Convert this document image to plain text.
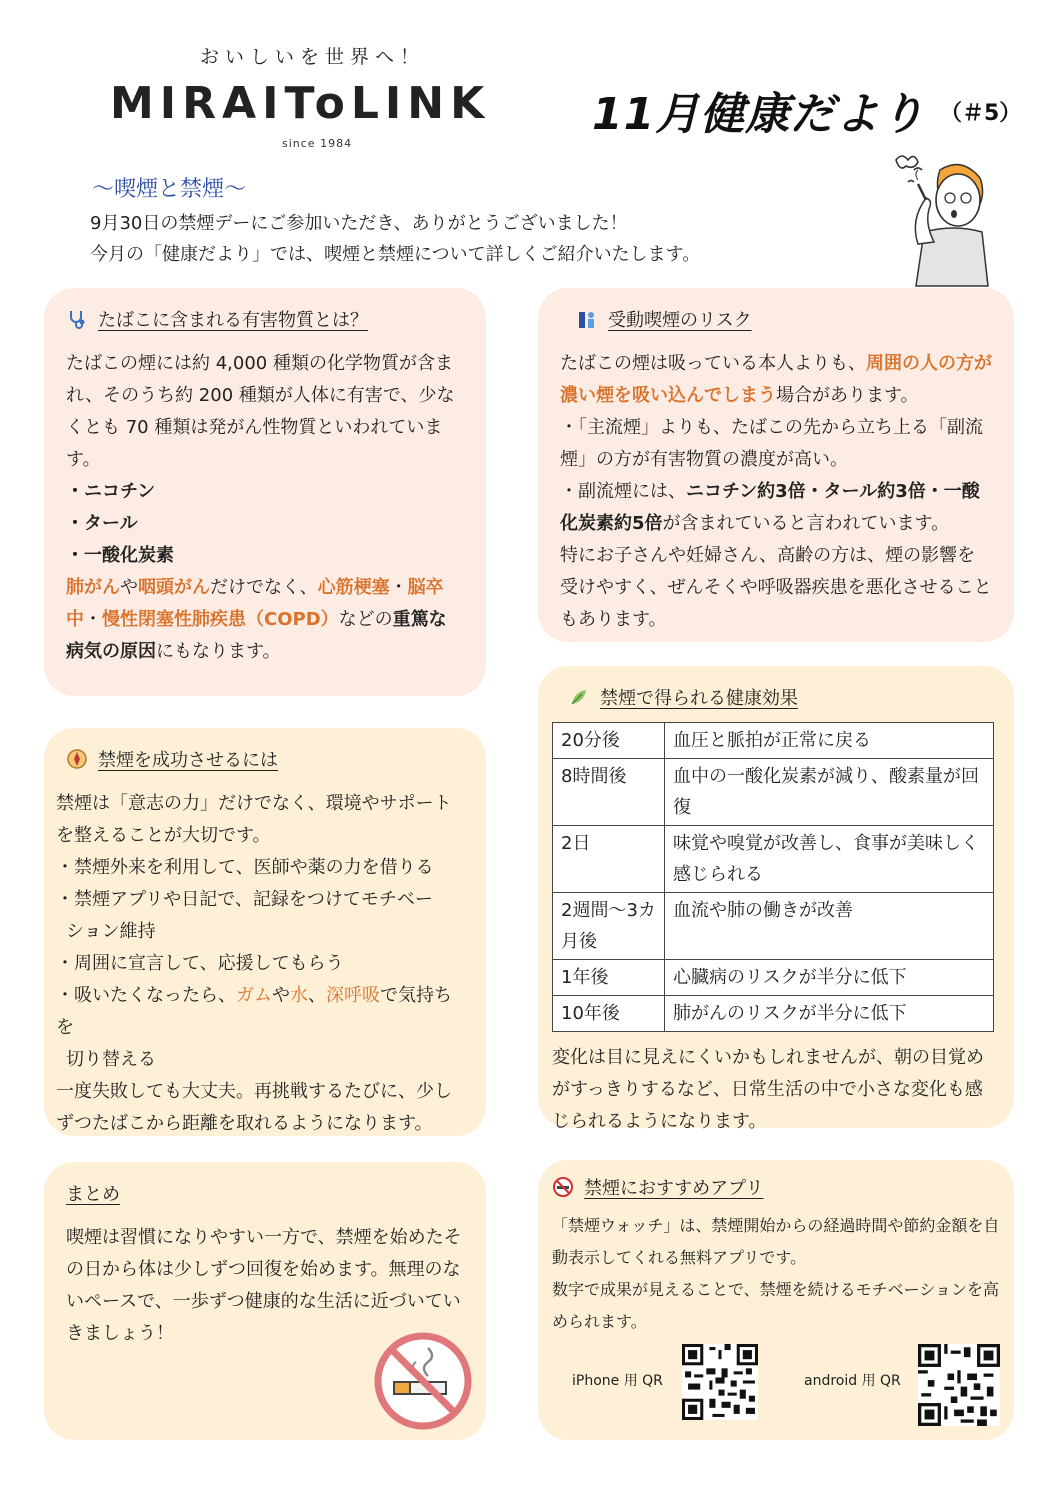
おいしいを世界へ！
MIRAIToLINK
since 1984
11月健康だより （＃5）
～喫煙と禁煙～
9月30日の禁煙デーにご参加いただき、ありがとうございました！
今月の「健康だより」では、喫煙と禁煙について詳しくご紹介いたします。
たばこに含まれる有害物質とは？
たばこの煙には約 4,000 種類の化学物質が含まれ、そのうち約 200 種類が人体に有害で、少なくとも 70 種類は発がん性物質といわれています。
・ニコチン
・タール
・一酸化炭素
肺がんや咽頭がんだけでなく、心筋梗塞・脳卒中・慢性閉塞性肺疾患（COPD）などの重篤な病気の原因にもなります。
受動喫煙のリスク
たばこの煙は吸っている本人よりも、周囲の人の方が濃い煙を吸い込んでしまう場合があります。
・「主流煙」よりも、たばこの先から立ち上る「副流煙」の方が有害物質の濃度が高い。
・副流煙には、ニコチン約3倍・タール約3倍・一酸化炭素約5倍が含まれていると言われています。
特にお子さんや妊婦さん、高齢の方は、煙の影響を受けやすく、ぜんそくや呼吸器疾患を悪化させることもあります。
禁煙を成功させるには
禁煙は「意志の力」だけでなく、環境やサポートを整えることが大切です。
・禁煙外来を利用して、医師や薬の力を借りる
・禁煙アプリや日記で、記録をつけてモチベー
ション維持
・周囲に宣言して、応援してもらう
・吸いたくなったら、ガムや水、深呼吸で気持ちを
切り替える
一度失敗しても大丈夫。再挑戦するたびに、少しずつたばこから距離を取れるようになります。
禁煙で得られる健康効果
20分後	血圧と脈拍が正常に戻る
8時間後	血中の一酸化炭素が減り、酸素量が回復
2日	味覚や嗅覚が改善し、食事が美味しく感じられる
2週間～3カ月後	血流や肺の働きが改善
1年後	心臓病のリスクが半分に低下
10年後	肺がんのリスクが半分に低下
変化は目に見えにくいかもしれませんが、朝の目覚めがすっきりするなど、日常生活の中で小さな変化も感じられるようになります。
まとめ
喫煙は習慣になりやすい一方で、禁煙を始めたその日から体は少しずつ回復を始めます。無理のないペースで、一歩ずつ健康的な生活に近づいていきましょう！
禁煙におすすめアプリ
「禁煙ウォッチ」は、禁煙開始からの経過時間や節約金額を自動表示してくれる無料アプリです。
数字で成果が見えることで、禁煙を続けるモチベーションを高められます。
iPhone 用 QR	android 用 QR
